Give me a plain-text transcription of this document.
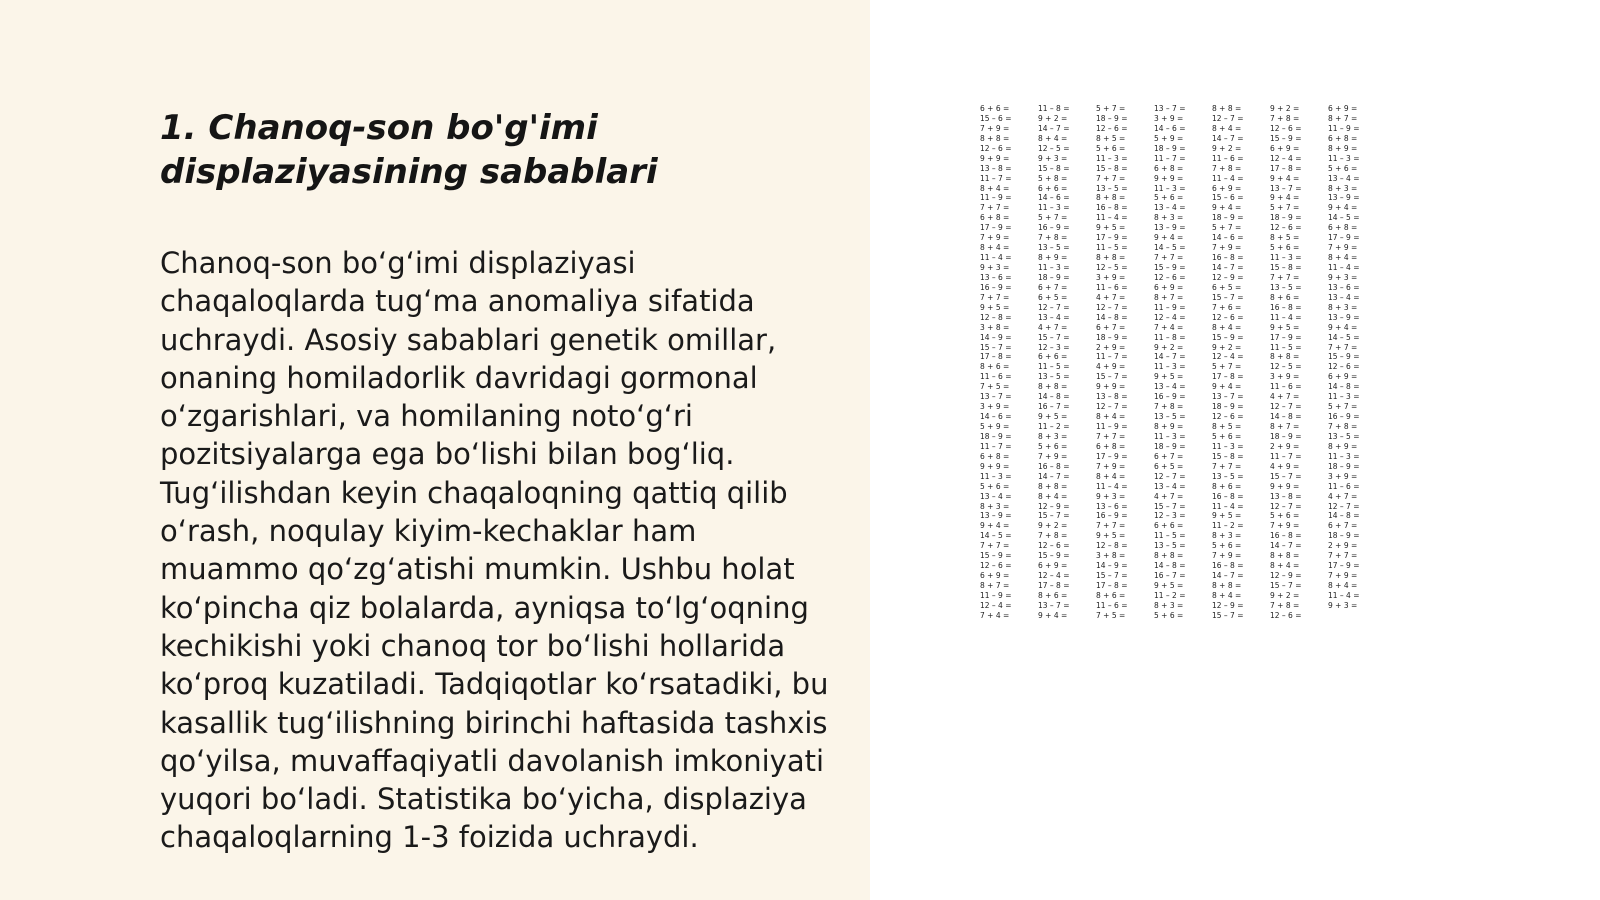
1. Chanoq-son bo'g'imi displaziyasining sabablari

Chanoq-son bo‘g‘imi displaziyasi chaqaloqlarda tug‘ma anomaliya sifatida uchraydi. Asosiy sabablari genetik omillar, onaning homiladorlik davridagi gormonal o‘zgarishlari, va homilaning noto‘g‘ri pozitsiyalarga ega bo‘lishi bilan bog‘liq. Tug‘ilishdan keyin chaqaloqning qattiq qilib o‘rash, noqulay kiyim-kechaklar ham muammo qo‘zg‘atishi mumkin. Ushbu holat ko‘pincha qiz bolalarda, ayniqsa to‘lg‘oqning kechikishi yoki chanoq tor bo‘lishi hollarida ko‘proq kuzatiladi. Tadqiqotlar ko‘rsatadiki, bu kasallik tug‘ilishning birinchi haftasida tashxis qo‘yilsa, muvaffaqiyatli davolanish imkoniyati yuqori bo‘ladi. Statistika bo‘yicha, displaziya chaqaloqlarning 1-3 foizida uchraydi.

6 + 6 =
15 – 6 =
7 + 9 =
8 + 8 =
12 – 6 =
9 + 9 =
13 – 8 =
11 – 7 =
8 + 4 =
11 – 9 =
7 + 7 =
6 + 8 =
17 – 9 =
7 + 9 =
8 + 4 =
11 – 4 =
9 + 3 =
13 – 6 =
16 – 9 =
7 + 7 =
9 + 5 =
12 – 8 =
3 + 8 =
14 – 9 =
15 – 7 =
17 – 8 =
8 + 6 =
11 – 6 =
7 + 5 =
13 – 7 =
3 + 9 =
14 – 6 =
5 + 9 =
18 – 9 =
11 – 7 =
6 + 8 =
9 + 9 =
11 – 3 =
5 + 6 =
13 – 4 =
8 + 3 =
13 – 9 =
9 + 4 =
14 – 5 =
7 + 7 =
15 – 9 =
12 – 6 =
6 + 9 =
8 + 7 =
11 – 9 =
12 – 4 =
7 + 4 =
11 – 8 =
9 + 2 =
14 – 7 =
8 + 4 =
12 – 5 =
9 + 3 =
15 – 8 =
5 + 8 =
6 + 6 =
14 – 6 =
11 – 3 =
5 + 7 =
16 – 9 =
7 + 8 =
13 – 5 =
8 + 9 =
11 – 3 =
18 – 9 =
6 + 7 =
6 + 5 =
12 – 7 =
13 – 4 =
4 + 7 =
15 – 7 =
12 – 3 =
6 + 6 =
11 – 5 =
13 – 5 =
8 + 8 =
14 – 8 =
16 – 7 =
9 + 5 =
11 – 2 =
8 + 3 =
5 + 6 =
7 + 9 =
16 – 8 =
14 – 7 =
8 + 8 =
8 + 4 =
12 – 9 =
15 – 7 =
9 + 2 =
7 + 8 =
12 – 6 =
15 – 9 =
6 + 9 =
12 – 4 =
17 – 8 =
8 + 6 =
13 – 7 =
9 + 4 =
5 + 7 =
18 – 9 =
12 – 6 =
8 + 5 =
5 + 6 =
11 – 3 =
15 – 8 =
7 + 7 =
13 – 5 =
8 + 8 =
16 – 8 =
11 – 4 =
9 + 5 =
17 – 9 =
11 – 5 =
8 + 8 =
12 – 5 =
3 + 9 =
11 – 6 =
4 + 7 =
12 – 7 =
14 – 8 =
6 + 7 =
18 – 9 =
2 + 9 =
11 – 7 =
4 + 9 =
15 – 7 =
9 + 9 =
13 – 8 =
12 – 7 =
8 + 4 =
11 – 9 =
7 + 7 =
6 + 8 =
17 – 9 =
7 + 9 =
8 + 4 =
11 – 4 =
9 + 3 =
13 – 6 =
16 – 9 =
7 + 7 =
9 + 5 =
12 – 8 =
3 + 8 =
14 – 9 =
15 – 7 =
17 – 8 =
8 + 6 =
11 – 6 =
7 + 5 =
13 – 7 =
3 + 9 =
14 – 6 =
5 + 9 =
18 – 9 =
11 – 7 =
6 + 8 =
9 + 9 =
11 – 3 =
5 + 6 =
13 – 4 =
8 + 3 =
13 – 9 =
9 + 4 =
14 – 5 =
7 + 7 =
15 – 9 =
12 – 6 =
6 + 9 =
8 + 7 =
11 – 9 =
12 – 4 =
7 + 4 =
11 – 8 =
9 + 2 =
14 – 7 =
11 – 3 =
9 + 5 =
13 – 4 =
16 – 9 =
7 + 8 =
13 – 5 =
8 + 9 =
11 – 3 =
18 – 9 =
6 + 7 =
6 + 5 =
12 – 7 =
13 – 4 =
4 + 7 =
15 – 7 =
12 – 3 =
6 + 6 =
11 – 5 =
13 – 5 =
8 + 8 =
14 – 8 =
16 – 7 =
9 + 5 =
11 – 2 =
8 + 3 =
5 + 6 =
8 + 8 =
12 – 7 =
8 + 4 =
14 – 7 =
9 + 2 =
11 – 6 =
7 + 8 =
11 – 4 =
6 + 9 =
15 – 6 =
9 + 4 =
18 – 9 =
5 + 7 =
14 – 6 =
7 + 9 =
16 – 8 =
14 – 7 =
12 – 9 =
6 + 5 =
15 – 7 =
7 + 6 =
12 – 6 =
8 + 4 =
15 – 9 =
9 + 2 =
12 – 4 =
5 + 7 =
17 – 8 =
9 + 4 =
13 – 7 =
18 – 9 =
12 – 6 =
8 + 5 =
5 + 6 =
11 – 3 =
15 – 8 =
7 + 7 =
13 – 5 =
8 + 6 =
16 – 8 =
11 – 4 =
9 + 5 =
11 – 2 =
8 + 3 =
5 + 6 =
7 + 9 =
16 – 8 =
14 – 7 =
8 + 8 =
8 + 4 =
12 – 9 =
15 – 7 =
9 + 2 =
7 + 8 =
12 – 6 =
15 – 9 =
6 + 9 =
12 – 4 =
17 – 8 =
9 + 4 =
13 – 7 =
9 + 4 =
5 + 7 =
18 – 9 =
12 – 6 =
8 + 5 =
5 + 6 =
11 – 3 =
15 – 8 =
7 + 7 =
13 – 5 =
8 + 6 =
16 – 8 =
11 – 4 =
9 + 5 =
17 – 9 =
11 – 5 =
8 + 8 =
12 – 5 =
3 + 9 =
11 – 6 =
4 + 7 =
12 – 7 =
14 – 8 =
8 + 7 =
18 – 9 =
2 + 9 =
11 – 7 =
4 + 9 =
15 – 7 =
9 + 9 =
13 – 8 =
12 – 7 =
5 + 6 =
7 + 9 =
16 – 8 =
14 – 7 =
8 + 8 =
8 + 4 =
12 – 9 =
15 – 7 =
9 + 2 =
7 + 8 =
12 – 6 =
6 + 9 =
8 + 7 =
11 – 9 =
6 + 8 =
8 + 9 =
11 – 3 =
5 + 6 =
13 – 4 =
8 + 3 =
13 – 9 =
9 + 4 =
14 – 5 =
6 + 8 =
17 – 9 =
7 + 9 =
8 + 4 =
11 – 4 =
9 + 3 =
13 – 6 =
13 – 4 =
8 + 3 =
13 – 9 =
9 + 4 =
14 – 5 =
7 + 7 =
15 – 9 =
12 – 6 =
6 + 9 =
14 – 8 =
11 – 3 =
5 + 7 =
16 – 9 =
7 + 8 =
13 – 5 =
8 + 9 =
11 – 3 =
18 – 9 =
3 + 9 =
11 – 6 =
4 + 7 =
12 – 7 =
14 – 8 =
6 + 7 =
18 – 9 =
2 + 9 =
7 + 7 =
17 – 9 =
7 + 9 =
8 + 4 =
11 – 4 =
9 + 3 =
